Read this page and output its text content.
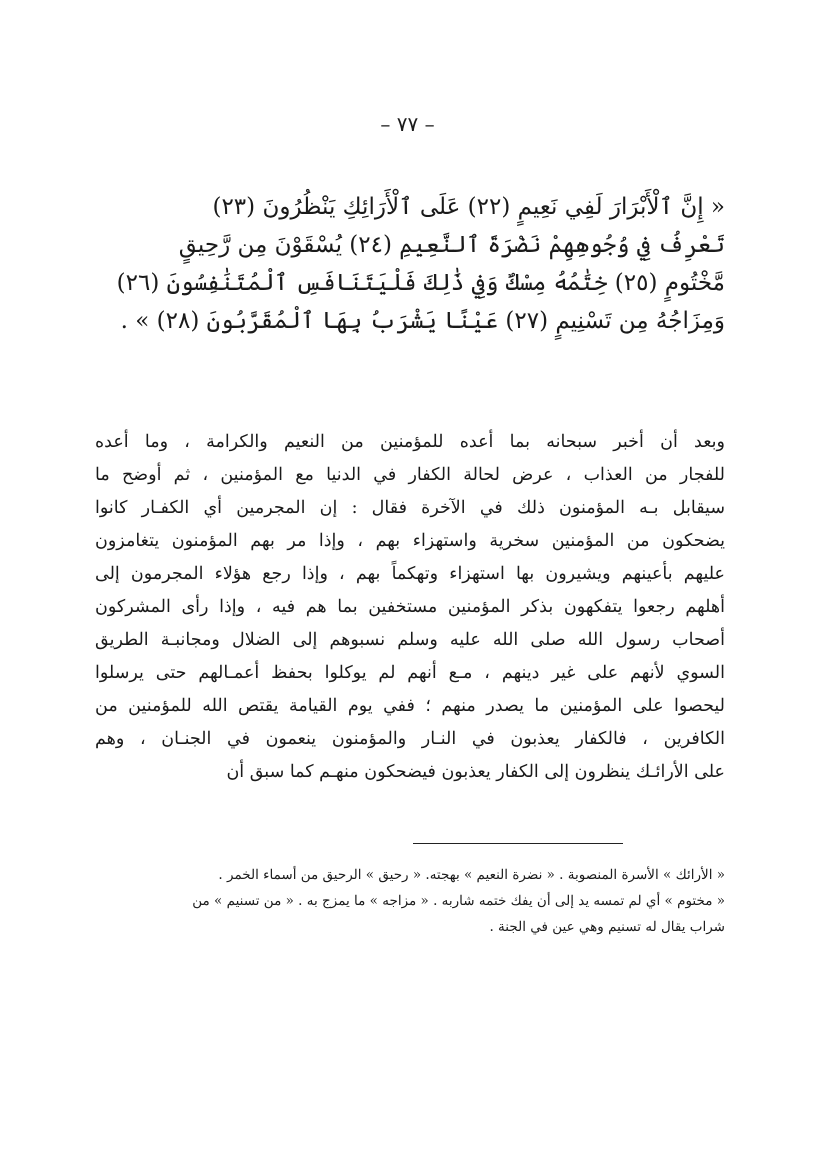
– ٧٧ –
« إِنَّ ٱلْأَبْرَارَ لَفِي نَعِيمٍ (٢٢) عَلَى ٱلْأَرَائِكِ يَنْظُرُونَ (٢٣)
تَعْرِفُ فِي وُجُوهِهِمْ نَضْرَةَ ٱلنَّعِيمِ (٢٤) يُسْقَوْنَ مِن رَّحِيقٍ
مَّخْتُومٍ (٢٥) خِتَٰمُهُ مِسْكٌ وَفِي ذَٰلِكَ فَلْيَتَنَافَسِ ٱلْمُتَنَٰفِسُونَ (٢٦)
وَمِزَاجُهُ مِن تَسْنِيمٍ (٢٧) عَيْنًا يَشْرَبُ بِهَا ٱلْمُقَرَّبُونَ (٢٨) » .
وبعد أن أخبر سبحانه بما أعده للمؤمنين من النعيم والكرامة ، وما أعده
للفجار من العذاب ، عرض لحالة الكفار في الدنيا مع المؤمنين ، ثم أوضح ما
سيقابل بـه المؤمنون ذلك في الآخرة فقال : إن المجرمين أي الكفـار كانوا
يضحكون من المؤمنين سخرية واستهزاء بهم ، وإذا مر بهم المؤمنون يتغامزون
عليهم بأعينهم ويشيرون بها استهزاء وتهكماً بهم ، وإذا رجع هؤلاء المجرمون إلى
أهلهم رجعوا يتفكهون بذكر المؤمنين مستخفين بما هم فيه ، وإذا رأى المشركون
أصحاب رسول الله صلى الله عليه وسلم نسبوهم إلى الضلال ومجانبـة الطريق
السوي لأنهم على غير دينهم ، مـع أنهم لم يوكلوا بحفظ أعمـالهم حتى يرسلوا
ليحصوا على المؤمنين ما يصدر منهم ؛ ففي يوم القيامة يقتص الله للمؤمنين من
الكافرين ، فالكفار يعذبون في النـار والمؤمنون ينعمون في الجنـان ، وهم
على الأرائـك ينظرون إلى الكفار يعذبون فيضحكون منهـم كما سبق أن
« الأرائك » الأسرة المنصوبة . « نضرة النعيم » بهجته. « رحيق » الرحيق من أسماء الخمر .
« مختوم » أي لم تمسه يد إلى أن يفك ختمه شاربه . « مزاجه » ما يمزج به . « من تسنيم » من
شراب يقال له تسنيم وهي عين في الجنة .
